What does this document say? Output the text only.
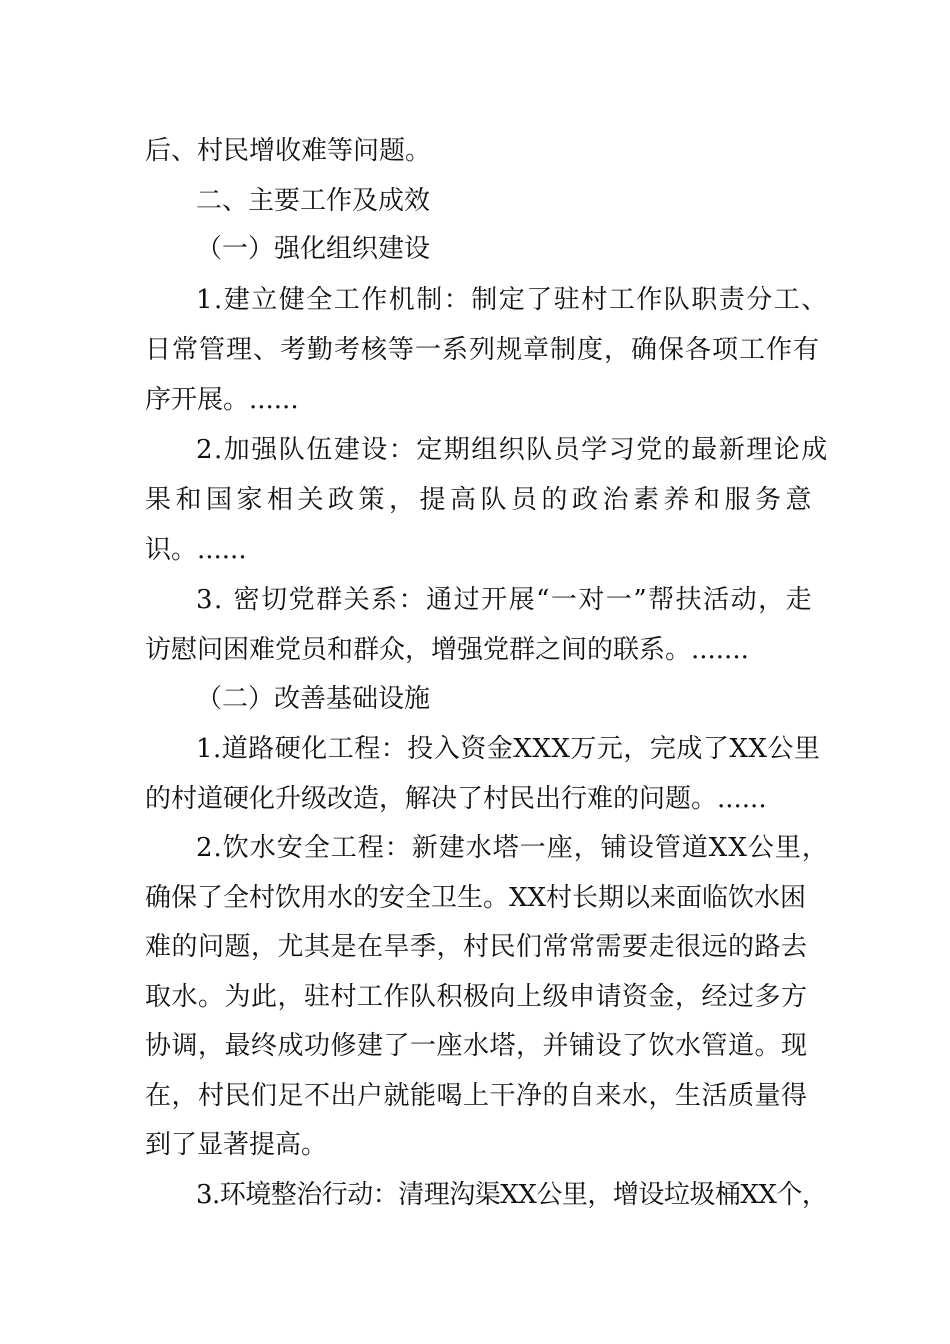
后、村民增收难等问题。
二、主要工作及成效
（一）强化组织建设
1.建立健全工作机制：制定了驻村工作队职责分工、
日常管理、考勤考核等一系列规章制度，确保各项工作有
序开展。......
2.加强队伍建设：定期组织队员学习党的最新理论成
果和国家相关政策，提高队员的政治素养和服务意
识。......
3. 密切党群关系：通过开展“一对一”帮扶活动，走
访慰问困难党员和群众，增强党群之间的联系。.......
（二）改善基础设施
1.道路硬化工程：投入资金XXX万元，完成了XX公里
的村道硬化升级改造，解决了村民出行难的问题。......
2.饮水安全工程：新建水塔一座，铺设管道XX公里，
确保了全村饮用水的安全卫生。XX村长期以来面临饮水困
难的问题，尤其是在旱季，村民们常常需要走很远的路去
取水。为此，驻村工作队积极向上级申请资金，经过多方
协调，最终成功修建了一座水塔，并铺设了饮水管道。现
在，村民们足不出户就能喝上干净的自来水，生活质量得
到了显著提高。
3.环境整治行动：清理沟渠XX公里，增设垃圾桶XX个，
